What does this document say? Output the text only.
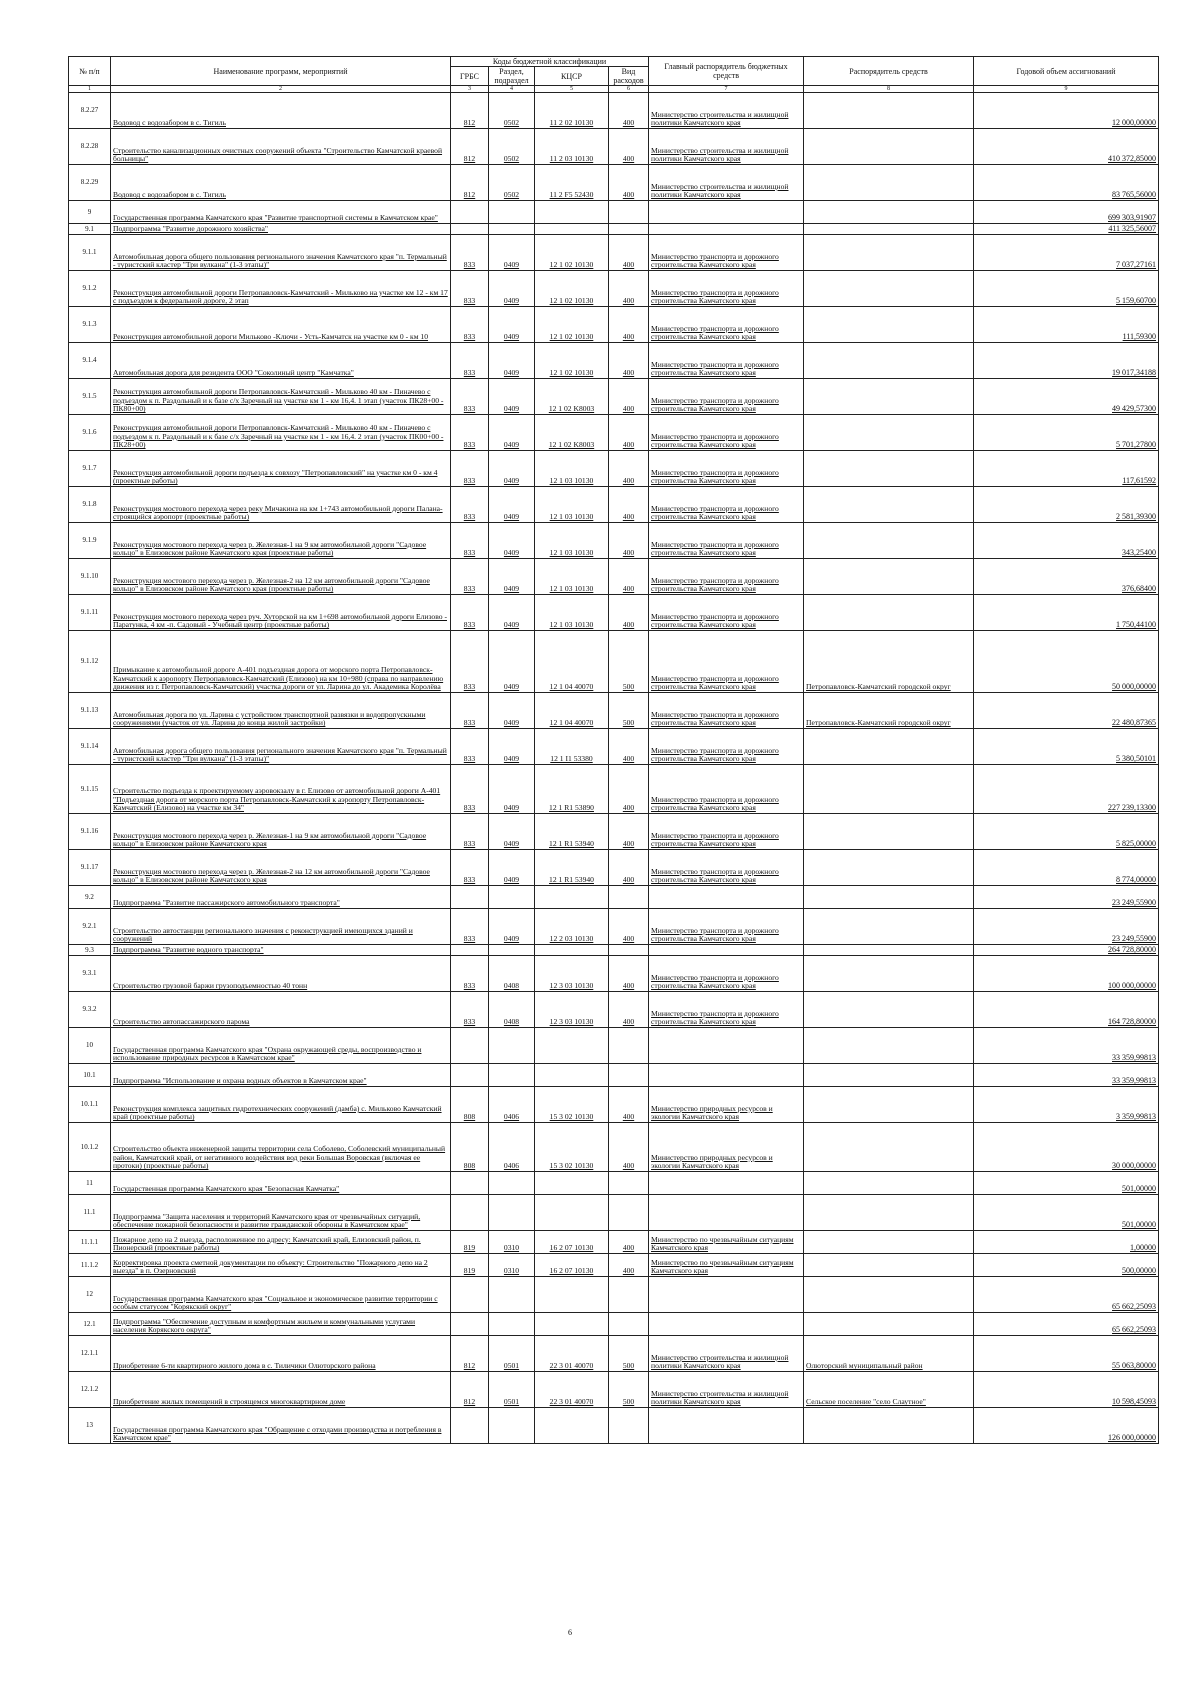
№ п/п	Наименование программ, мероприятий	Коды бюджетной классификации				Главный распорядитель бюджетных средств	Распорядитель средств	Годовой объем ассигнований
		ГРБС	Раздел, подраздел	КЦСР	Вид расходов			
1	2	3	4	5	6	7	8	9
8.2.27	Водовод с водозабором в с. Тигиль	812	0502	11 2 02 10130	400	Министерство строительства и жилищной политики Камчатского края		12 000,00000
8.2.28	Строительство канализационных очистных сооружений объекта "Строительство Камчатской краевой больницы"	812	0502	11 2 03 10130	400	Министерство строительства и жилищной политики Камчатского края		410 372,85000
8.2.29	Водовод с водозабором в с. Тигиль	812	0502	11 2 F5 52430	400	Министерство строительства и жилищной политики Камчатского края		83 765,56000
9	Государственная программа Камчатского края "Развитие транспортной системы в Камчатском крае"							699 303,91907
9.1	Подпрограмма "Развитие дорожного хозяйства"							411 325,56007
9.1.1	Автомобильная дорога общего пользования регионального значения Камчатского края "п. Термальный - туристский кластер "Три вулкана" (1-3 этапы)"	833	0409	12 1 02 10130	400	Министерство транспорта и дорожного строительства Камчатского края		7 037,27161
9.1.2	Реконструкция автомобильной дороги Петропавловск-Камчатский - Мильково на участке км 12 - км 17 с подъездом к федеральной дороге, 2 этап	833	0409	12 1 02 10130	400	Министерство транспорта и дорожного строительства Камчатского края		5 159,60700
9.1.3	Реконструкция автомобильной дороги Мильково -Ключи - Усть-Камчатск на участке км 0 - км 10	833	0409	12 1 02 10130	400	Министерство транспорта и дорожного строительства Камчатского края		111,59300
9.1.4	Автомобильная дорога для резидента ООО "Соколиный центр "Камчатка"	833	0409	12 1 02 10130	400	Министерство транспорта и дорожного строительства Камчатского края		19 017,34188
9.1.5	Реконструкция автомобильной дороги Петропавловск-Камчатский - Мильково 40 км - Пиначево с подъездом к п. Раздольный и к базе с/х Заречный на участке км 1 - км 16,4. 1 этап (участок ПК28+00 - ПК80+00)	833	0409	12 1 02 K8003	400	Министерство транспорта и дорожного строительства Камчатского края		49 429,57300
9.1.6	Реконструкция автомобильной дороги Петропавловск-Камчатский - Мильково 40 км - Пиначево с подъездом к п. Раздольный и к базе с/х Заречный на участке км 1 - км 16,4. 2 этап (участок ПК00+00 - ПК28+00)	833	0409	12 1 02 K8003	400	Министерство транспорта и дорожного строительства Камчатского края		5 701,27800
9.1.7	Реконструкция автомобильной дороги подъезда к совхозу "Петропавловский" на участке км 0 - км 4 (проектные работы)	833	0409	12 1 03 10130	400	Министерство транспорта и дорожного строительства Камчатского края		117,61592
9.1.8	Реконструкция мостового перехода через реку Мичакина на км 1+743 автомобильной дороги Палана-строящийся аэропорт (проектные работы)	833	0409	12 1 03 10130	400	Министерство транспорта и дорожного строительства Камчатского края		2 581,39300
9.1.9	Реконструкция мостового перехода через р. Железная-1 на 9 км автомобильной дороги "Садовое кольцо" в Елизовском районе Камчатского края (проектные работы)	833	0409	12 1 03 10130	400	Министерство транспорта и дорожного строительства Камчатского края		343,25400
9.1.10	Реконструкция мостового перехода через р. Железная-2 на 12 км автомобильной дороги "Садовое кольцо" в Елизовском районе Камчатского края (проектные работы)	833	0409	12 1 03 10130	400	Министерство транспорта и дорожного строительства Камчатского края		376,68400
9.1.11	Реконструкция мостового перехода через руч. Хуторской на км 1+698 автомобильной дороги Елизово - Паратунка, 4 км -п. Садовый - Учебный центр (проектные работы)	833	0409	12 1 03 10130	400	Министерство транспорта и дорожного строительства Камчатского края		1 750,44100
9.1.12	Примыкание к автомобильной дороге А-401 подъездная дорога от морского порта Петропавловск-Камчатский к аэропорту Петропавловск-Камчатский (Елизово) на км 10+980 (справа по направлению движения из г. Петропавловск-Камчатский) участка дороги от ул. Ларина до ул. Академика Королёва	833	0409	12 1 04 40070	500	Министерство транспорта и дорожного строительства Камчатского края	Петропавловск-Камчатский городской округ	50 000,00000
9.1.13	Автомобильная дорога по ул. Ларина с устройством транспортной развязки и водопропускными сооружениями (участок от ул. Ларина до конца жилой застройки)	833	0409	12 1 04 40070	500	Министерство транспорта и дорожного строительства Камчатского края	Петропавловск-Камчатский городской округ	22 480,87365
9.1.14	Автомобильная дорога общего пользования регионального значения Камчатского края "п. Термальный - туристский кластер "Три вулкана" (1-3 этапы)"	833	0409	12 1 I1 53380	400	Министерство транспорта и дорожного строительства Камчатского края		5 380,50101
9.1.15	Строительство подъезда к проектируемому аэровокзалу в г. Елизово от автомобильной дороги А-401 "Подъездная дорога от морского порта Петропавловск-Камчатский к аэропорту Петропавловск-Камчатский (Елизово) на участке км 34"	833	0409	12 1 R1 53890	400	Министерство транспорта и дорожного строительства Камчатского края		227 239,13300
9.1.16	Реконструкция мостового перехода через р. Железная-1 на 9 км автомобильной дороги "Садовое кольцо" в Елизовском районе Камчатского края	833	0409	12 1 R1 53940	400	Министерство транспорта и дорожного строительства Камчатского края		5 825,00000
9.1.17	Реконструкция мостового перехода через р. Железная-2 на 12 км автомобильной дороги "Садовое кольцо" в Елизовском районе Камчатского края	833	0409	12 1 R1 53940	400	Министерство транспорта и дорожного строительства Камчатского края		8 774,00000
9.2	Подпрограмма "Развитие пассажирского автомобильного транспорта"							23 249,55900
9.2.1	Строительство автостанции регионального значения с реконструкцией имеющихся зданий и сооружений	833	0409	12 2 03 10130	400	Министерство транспорта и дорожного строительства Камчатского края		23 249,55900
9.3	Подпрограмма "Развитие водного транспорта"							264 728,80000
9.3.1	Строительство грузовой баржи грузоподъемностью 40 тонн	833	0408	12 3 03 10130	400	Министерство транспорта и дорожного строительства Камчатского края		100 000,00000
9.3.2	Строительство автопассажирского парома	833	0408	12 3 03 10130	400	Министерство транспорта и дорожного строительства Камчатского края		164 728,80000
10	Государственная программа Камчатского края "Охрана окружающей среды, воспроизводство и использование природных ресурсов в Камчатском крае"							33 359,99813
10.1	Подпрограмма "Использование и охрана водных объектов в Камчатском крае"							33 359,99813
10.1.1	Реконструкция комплекса защитных гидротехнических сооружений (дамба) с. Мильково Камчатский край (проектные работы)	808	0406	15 3 02 10130	400	Министерство природных ресурсов и экологии Камчатского края		3 359,99813
10.1.2	Строительство объекта инженерной защиты территории села Соболево, Соболевский муниципальный район, Камчатский край, от негативного воздействия вод реки Большая Воровская (включая ее протоки) (проектные работы)	808	0406	15 3 02 10130	400	Министерство природных ресурсов и экологии Камчатского края		30 000,00000
11	Государственная программа Камчатского края "Безопасная Камчатка"							501,00000
11.1	Подпрограмма "Защита населения и территорий Камчатского края от чрезвычайных ситуаций, обеспечение пожарной безопасности и развитие гражданской обороны в Камчатском крае"							501,00000
11.1.1	Пожарное депо на 2 выезда, расположенное по адресу: Камчатский край, Елизовский район, п. Пионерский (проектные работы)	819	0310	16 2 07 10130	400	Министерство по чрезвычайным ситуациям Камчатского края		1,00000
11.1.2	Корректировка проекта сметной документации по объекту: Строительство "Пожарного депо на 2 выезда" в п. Озерновский	819	0310	16 2 07 10130	400	Министерство по чрезвычайным ситуациям Камчатского края		500,00000
12	Государственная программа Камчатского края "Социальное и экономическое развитие территории с особым статусом "Корякский округ"							65 662,25093
12.1	Подпрограмма "Обеспечение доступным и комфортным жильем и коммунальными услугами населения Корякского округа"							65 662,25093
12.1.1	Приобретение 6-ти квартирного жилого дома в с. Тиличики Олюторского района	812	0501	22 3 01 40070	500	Министерство строительства и жилищной политики Камчатского края	Олюторский муниципальный район	55 063,80000
12.1.2	Приобретение жилых помещений в строящемся многоквартирном доме	812	0501	22 3 01 40070	500	Министерство строительства и жилищной политики Камчатского края	Сельское поселение "село Слаутное"	10 598,45093
13	Государственная программа Камчатского края "Обращение с отходами производства и потребления в Камчатском крае"							126 000,00000
6
